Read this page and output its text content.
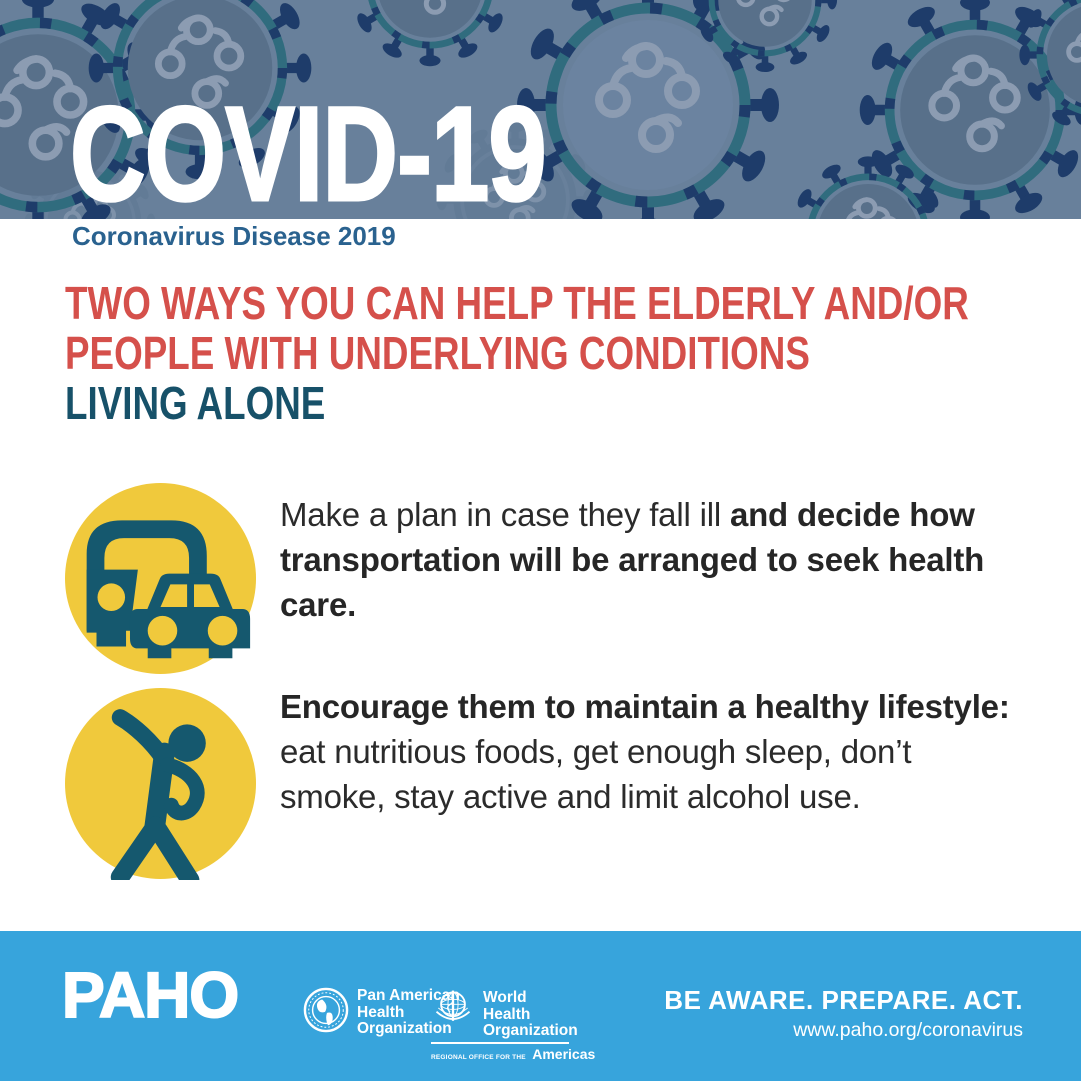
COVID-19
Coronavirus Disease 2019
TWO WAYS YOU CAN HELP THE ELDERLY AND/OR
PEOPLE WITH UNDERLYING CONDITIONS
LIVING ALONE
Make a plan in case they fall ill and decide how transportation will be arranged to seek health care.
Encourage them to maintain a healthy lifestyle: eat nutritious foods, get enough sleep, don’t smoke, stay active and limit alcohol use.
PAHO	Pan American
Health
Organization
World Health
Organization
REGIONAL OFFICE FOR THE Americas
BE AWARE. PREPARE. ACT.
www.paho.org/coronavirus
